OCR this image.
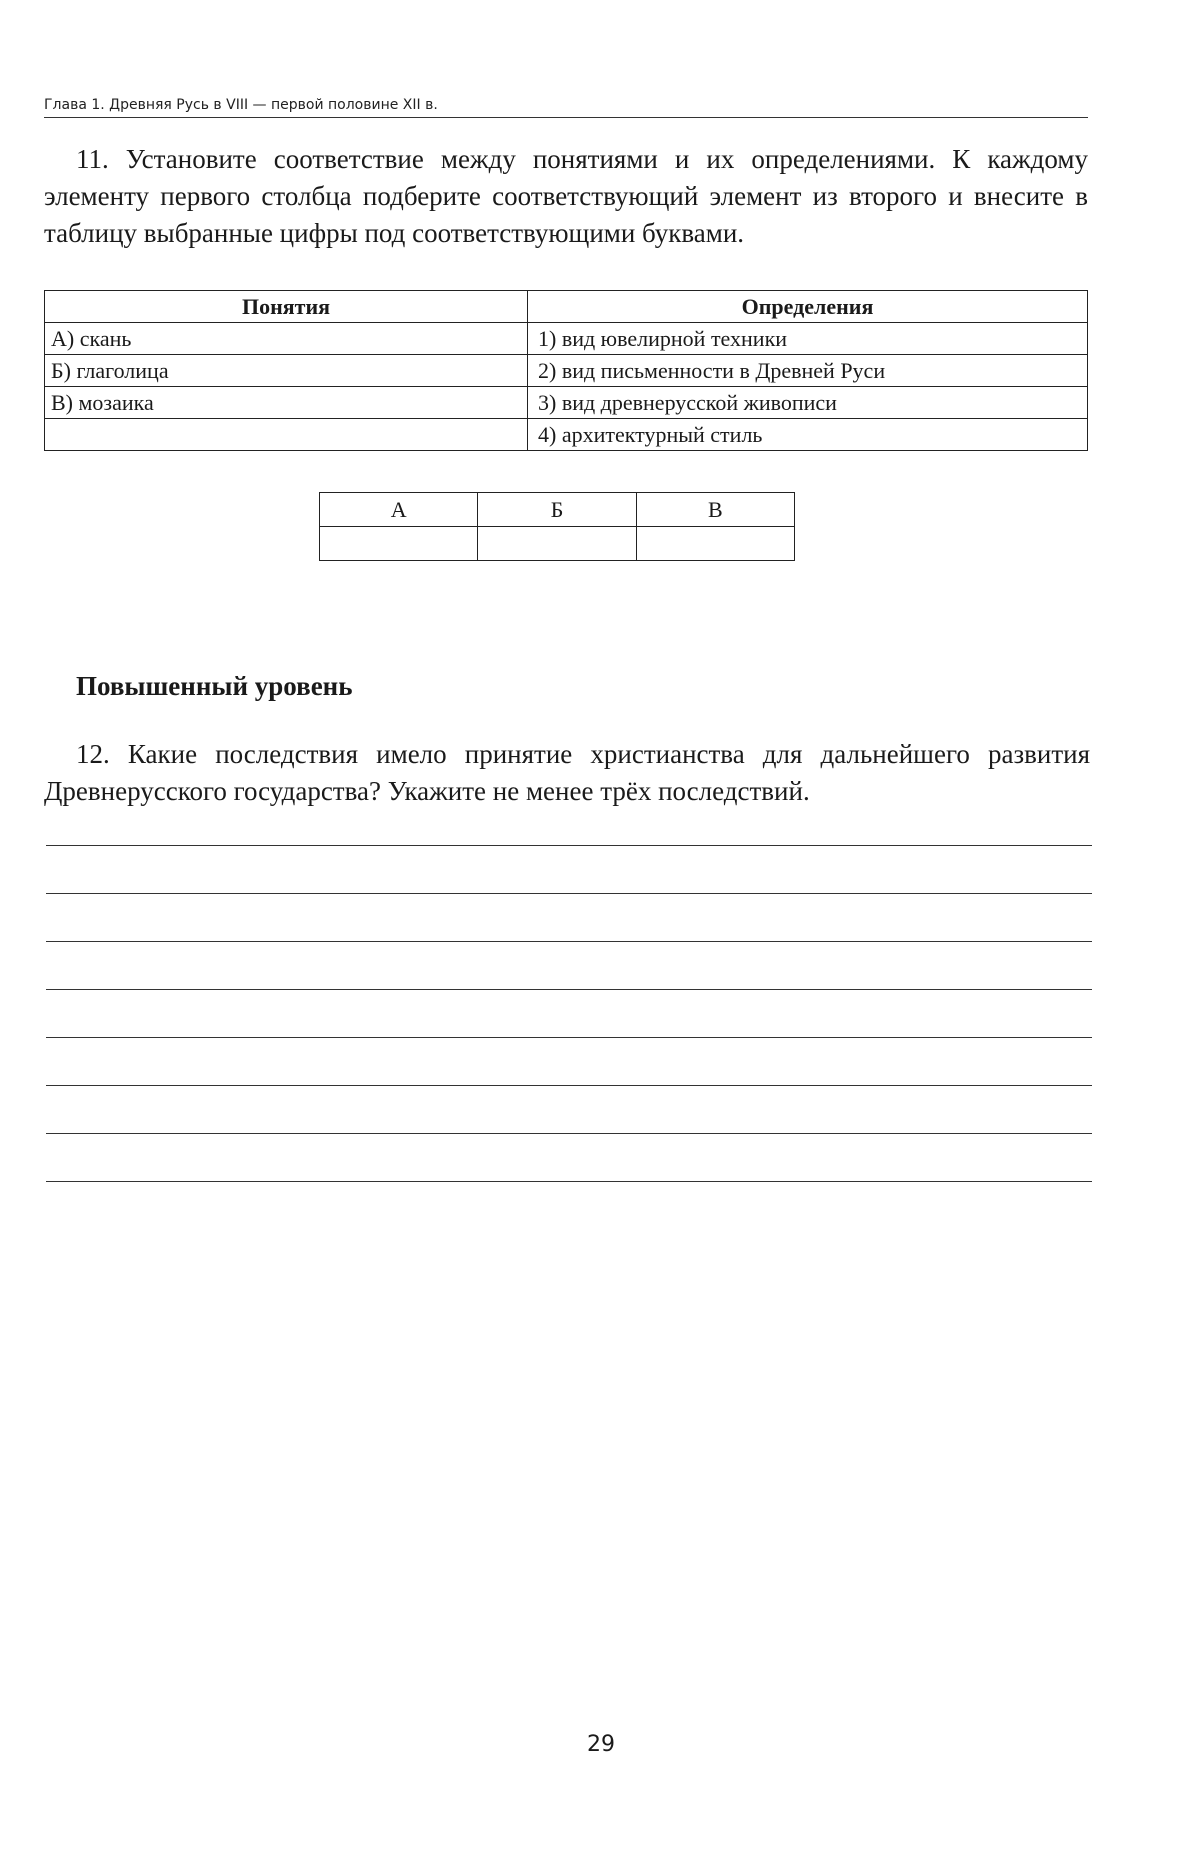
Глава 1. Древняя Русь в VIII — первой половине XII в.

11. Установите соответствие между понятиями и их определениями. К каждому элементу первого столбца подберите соответствующий элемент из второго и внесите в таблицу выбранные цифры под соответствующими буквами.

Понятия	Определения
А) скань	1) вид ювелирной техники
Б) глаголица	2) вид письменности в Древней Руси
В) мозаика	3) вид древнерусской живописи
	4) архитектурный стиль
А	Б	В

Повышенный уровень

12. Какие последствия имело принятие христианства для дальнейшего развития Древнерусского государства? Укажите не менее трёх последствий.

29
